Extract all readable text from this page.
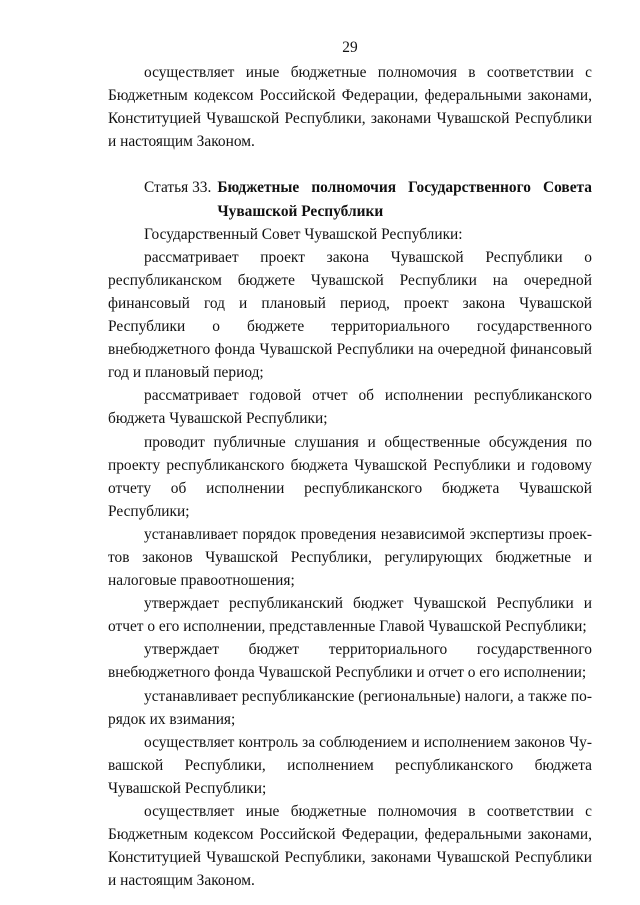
29

осуществляет иные бюджетные полномочия в соответствии с Бюджетным кодексом Российской Федерации, федеральными законами, Конституцией Чувашской Республики, законами Чувашской Республики и настоящим Законом.

Статья 33. Бюджетные полномочия Государственного Совета Чувашской Республики

Государственный Совет Чувашской Республики:

рассматривает проект закона Чувашской Республики о республиканском бюджете Чувашской Республики на очередной финансовый год и плановый период, проект закона Чувашской Республики о бюджете территориального государственного внебюджетного фонда Чувашской Республики на очередной финансовый год и плановый период;

рассматривает годовой отчет об исполнении республиканского бюджета Чувашской Республики;

проводит публичные слушания и общественные обсуждения по проекту республиканского бюджета Чувашской Республики и годовому отчету об исполнении республиканского бюджета Чувашской Республики;

устанавливает порядок проведения независимой экспертизы проектов законов Чувашской Республики, регулирующих бюджетные и налоговые правоотношения;

утверждает республиканский бюджет Чувашской Республики и отчет о его исполнении, представленные Главой Чувашской Республики;

утверждает бюджет территориального государственного внебюджетного фонда Чувашской Республики и отчет о его исполнении;

устанавливает республиканские (региональные) налоги, а также порядок их взимания;

осуществляет контроль за соблюдением и исполнением законов Чувашской Республики, исполнением республиканского бюджета Чувашской Республики;

осуществляет иные бюджетные полномочия в соответствии с Бюджетным кодексом Российской Федерации, федеральными законами, Конституцией Чувашской Республики, законами Чувашской Республики и настоящим Законом.
